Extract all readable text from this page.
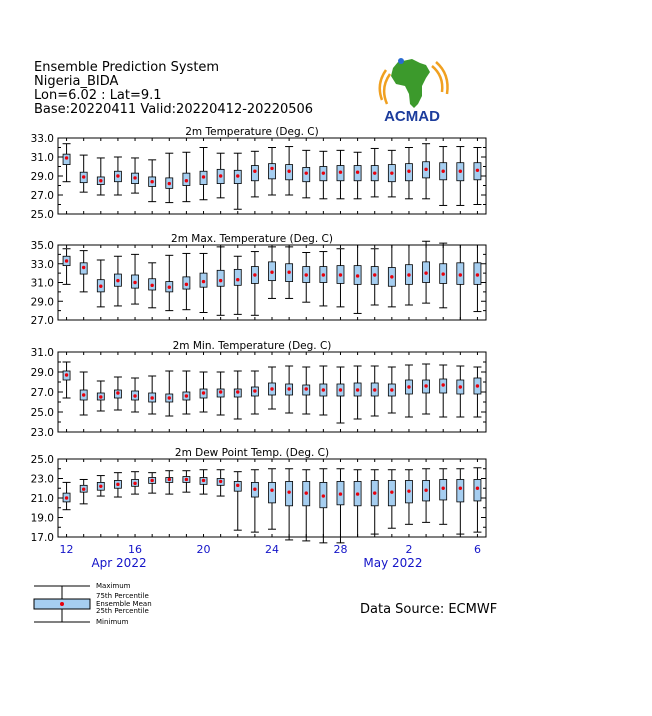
Ensemble Prediction System
Nigeria_BIDA
Lon=6.02 : Lat=9.1
Base:20220411 Valid:20220412-20220506	ACMAD
2m Temperature (Deg. C)
33.0
31.0
29.0
27.0
25.0
2m Max. Temperature (Deg. C)
35.0
33.0
31.0
29.0
27.0
2m Min. Temperature (Deg. C)
31.0
29.0
27.0
25.0
23.0
2m Dew Point Temp. (Deg. C)
25.0
23.0
21.0
19.0
17.0
12	16	20	24	28	2	6
Apr 2022	May 2022
Maximum
75th Percentile
Ensemble Mean
25th Percentile
Minimum
Data Source: ECMWF
